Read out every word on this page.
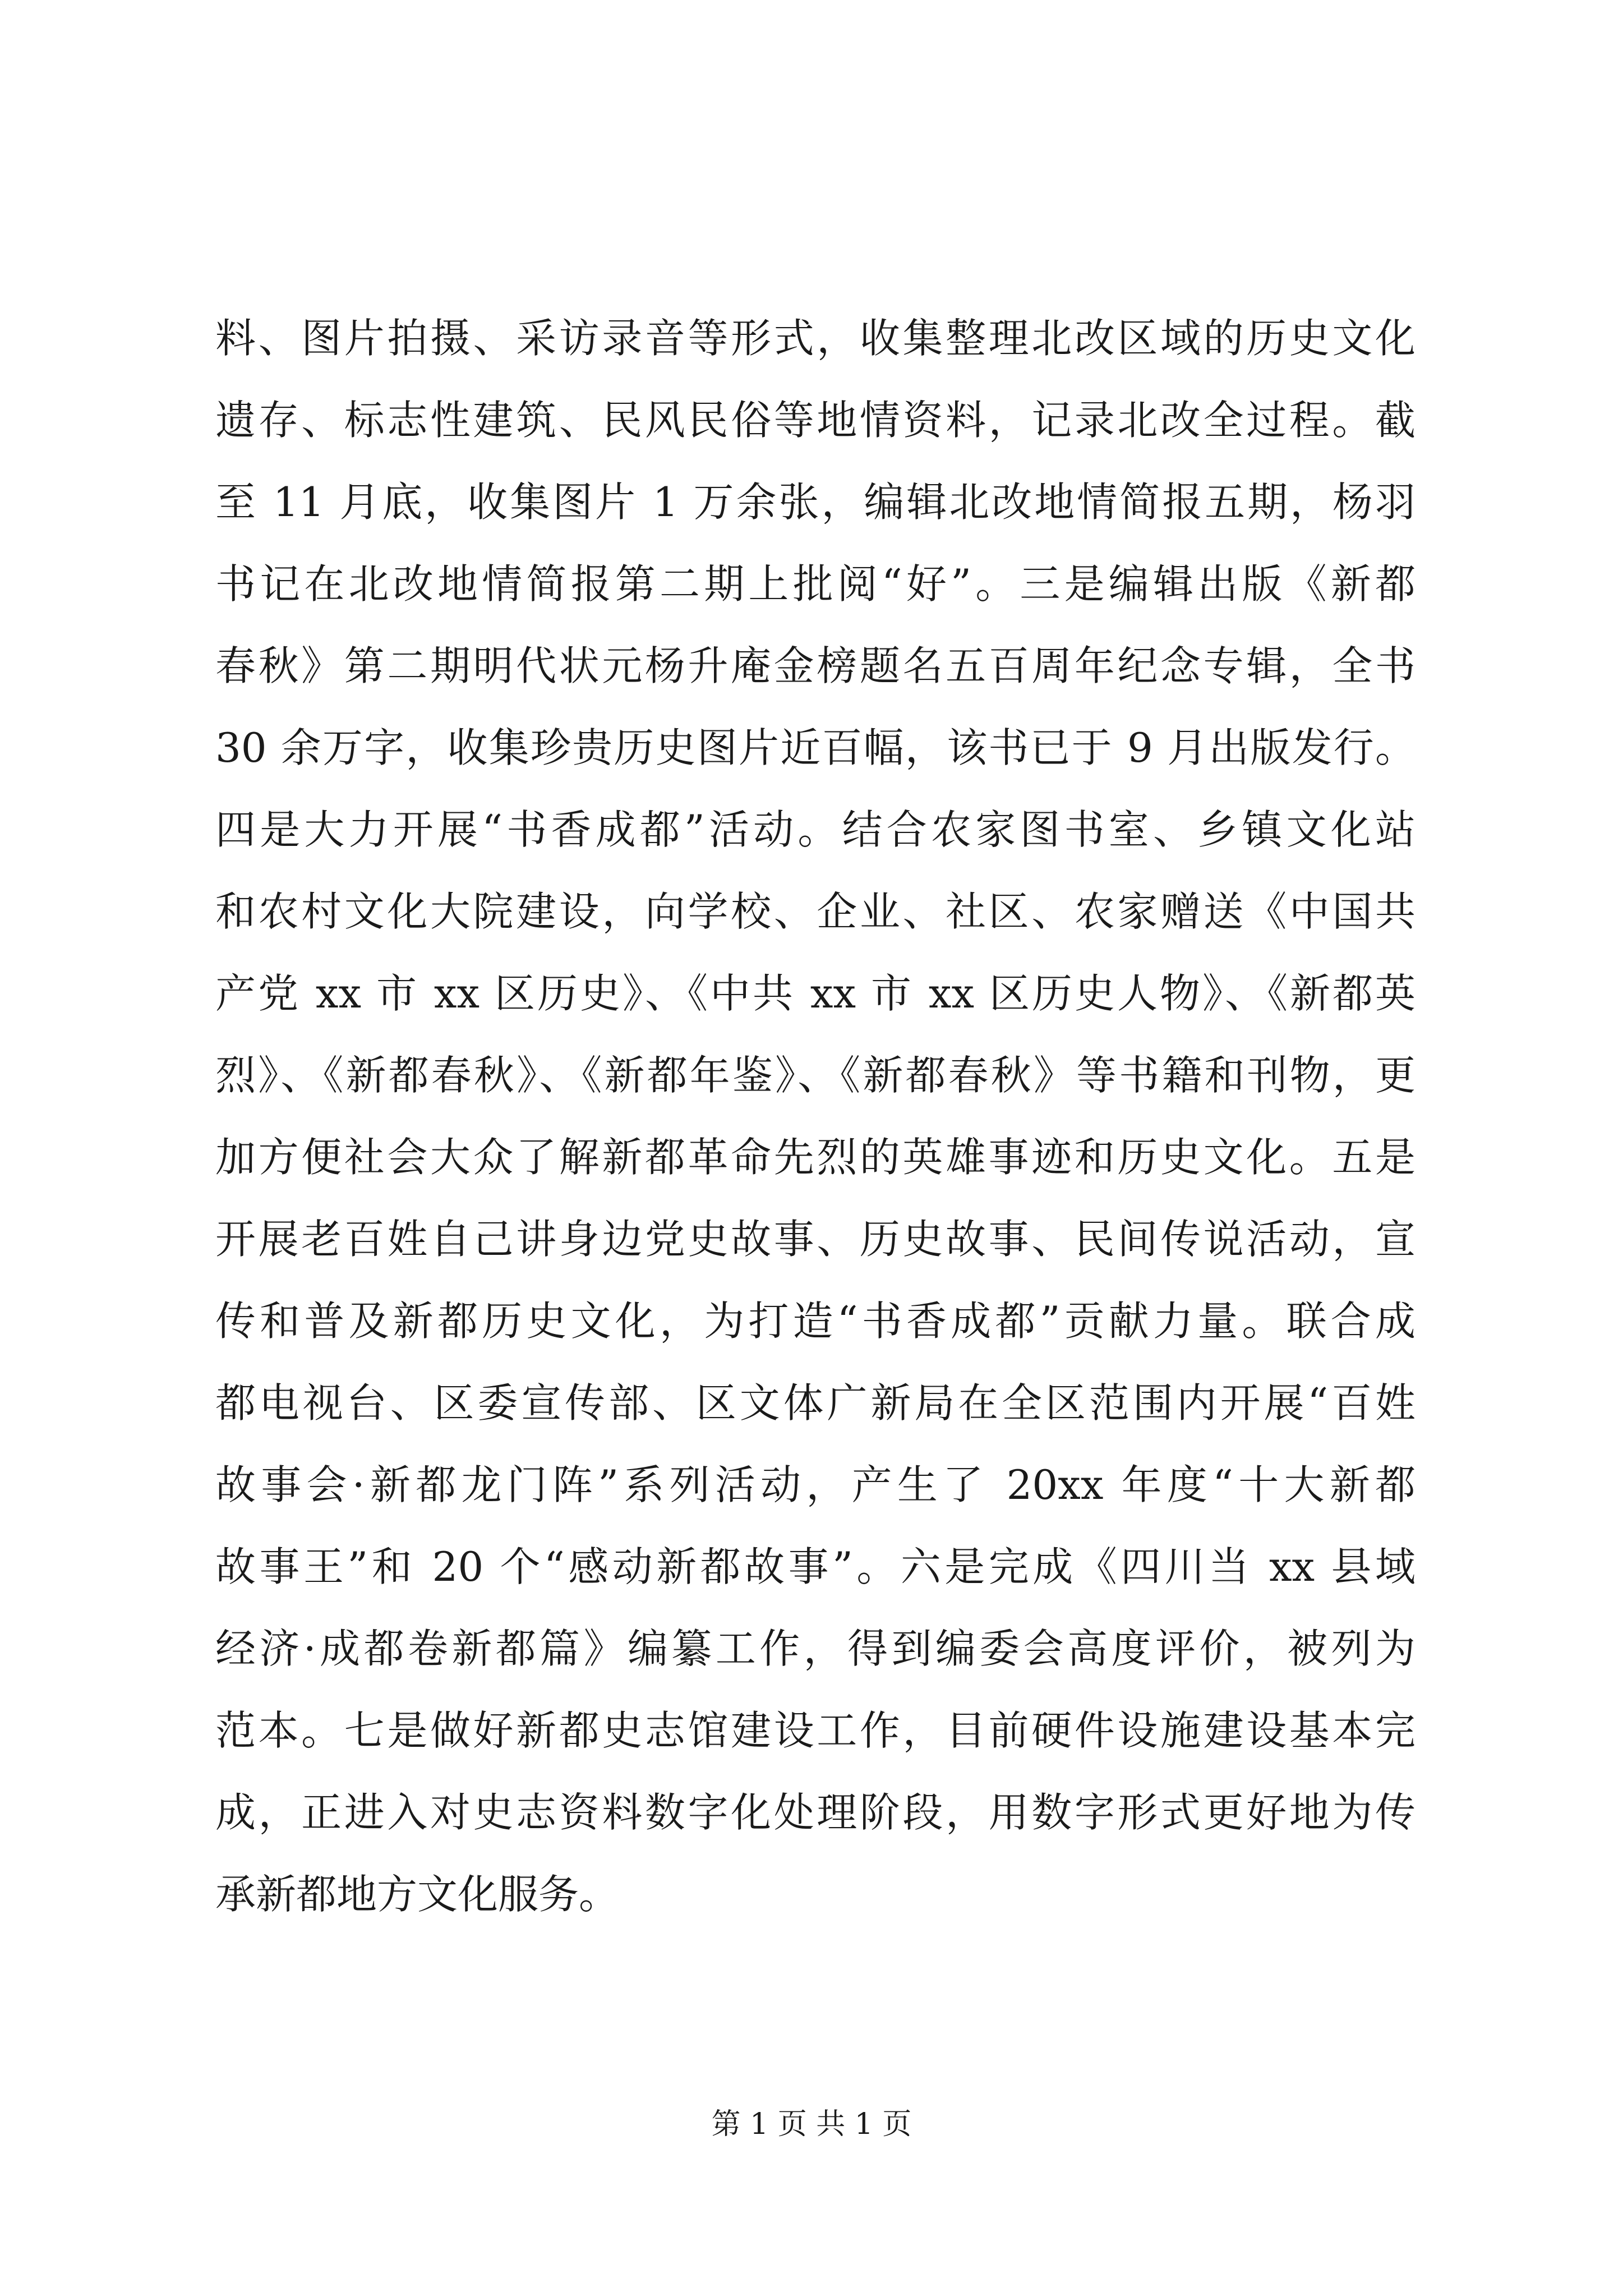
料、图片拍摄、采访录音等形式，收集整理北改区域的历史文化
遗存、标志性建筑、民风民俗等地情资料，记录北改全过程。截
至 11 月底，收集图片 1 万余张，编辑北改地情简报五期，杨羽
书记在北改地情简报第二期上批阅“好”。三是编辑出版《新都
春秋》第二期明代状元杨升庵金榜题名五百周年纪念专辑，全书
30 余万字，收集珍贵历史图片近百幅，该书已于 9 月出版发行。
四是大力开展“书香成都”活动。结合农家图书室、乡镇文化站
和农村文化大院建设，向学校、企业、社区、农家赠送《中国共
产党 xx 市 xx 区历史》、《中共 xx 市 xx 区历史人物》、《新都英
烈》、《新都春秋》、《新都年鉴》、《新都春秋》等书籍和刊物，更
加方便社会大众了解新都革命先烈的英雄事迹和历史文化。五是
开展老百姓自己讲身边党史故事、历史故事、民间传说活动，宣
传和普及新都历史文化，为打造“书香成都”贡献力量。联合成
都电视台、区委宣传部、区文体广新局在全区范围内开展“百姓
故事会·新都龙门阵”系列活动，产生了 20xx 年度“十大新都
故事王”和 20 个“感动新都故事”。六是完成《四川当 xx 县域
经济·成都卷新都篇》编纂工作，得到编委会高度评价，被列为
范本。七是做好新都史志馆建设工作，目前硬件设施建设基本完
成，正进入对史志资料数字化处理阶段，用数字形式更好地为传
承新都地方文化服务。
第 1 页 共 1 页
